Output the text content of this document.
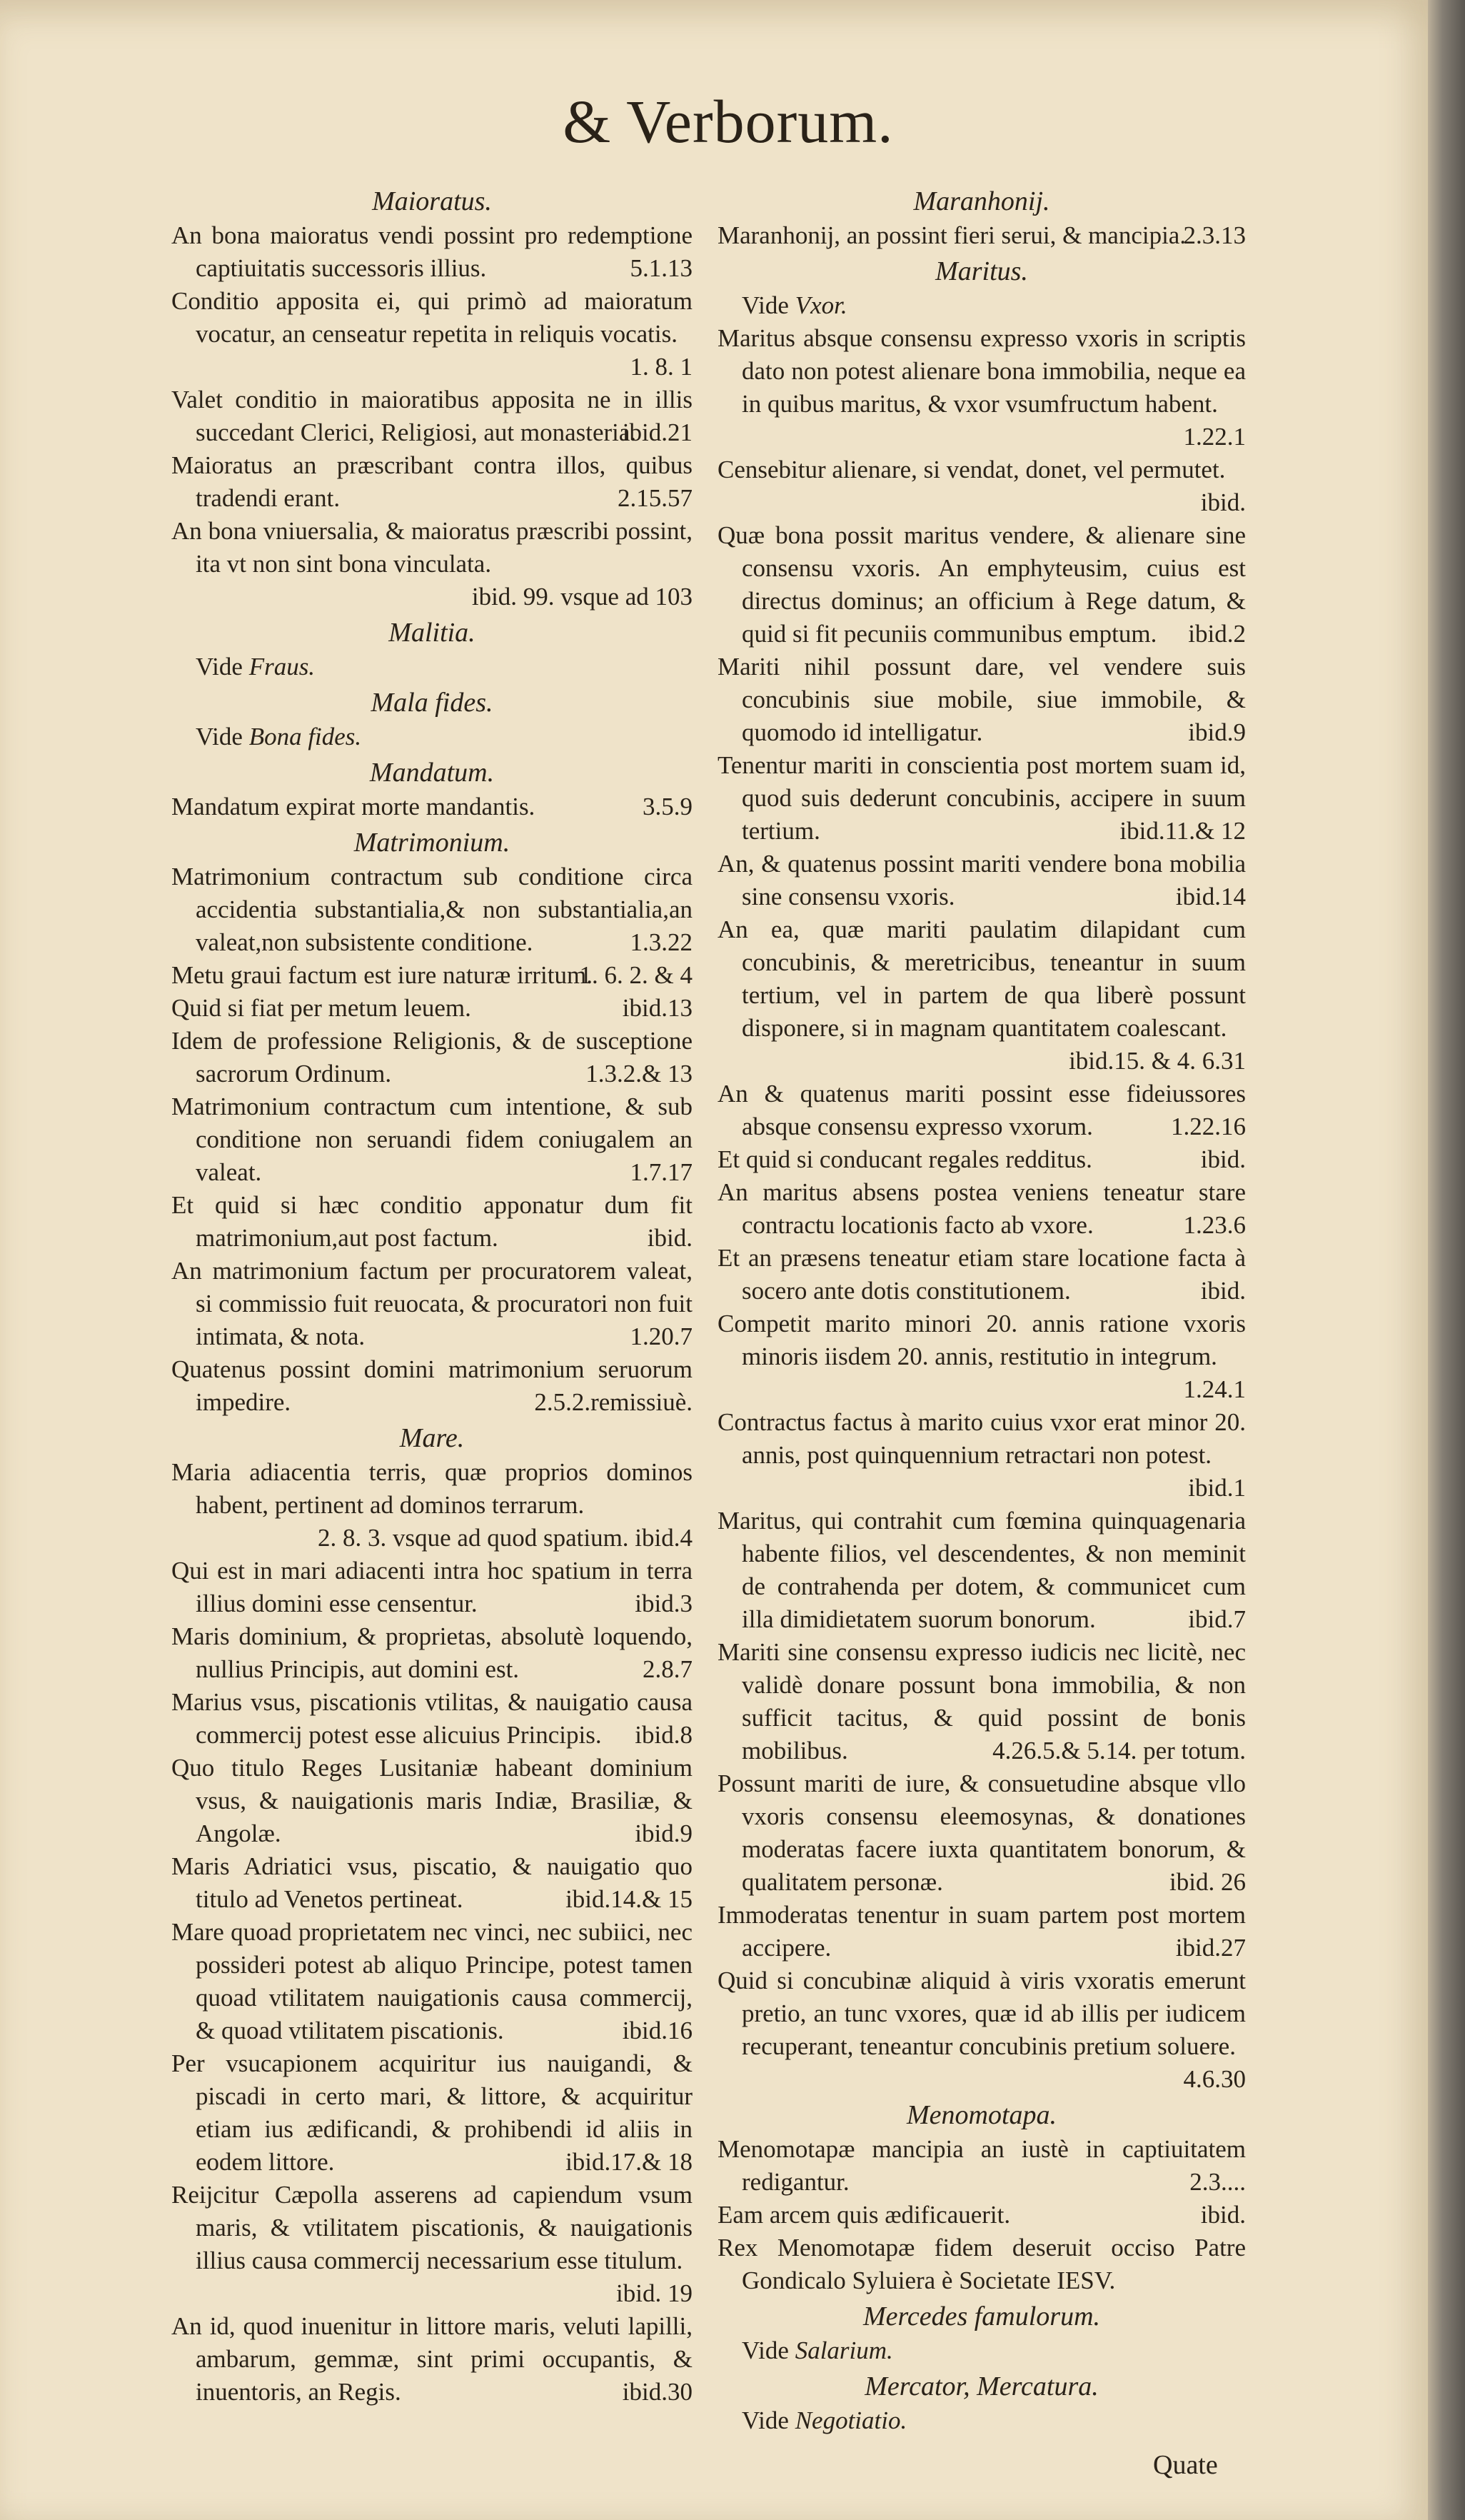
& Verborum.
Maioratus.
An bona maioratus vendi possint pro redemptione captiuitatis successoris illius.	5.1.13
Conditio apposita ei, qui primò ad maioratum vocatur, an censeatur repetita in reliquis vocatis.
1. 8. 1
Valet conditio in maioratibus apposita ne in illis succedant Clerici, Religiosi, aut monasteria.
ibid.21
Maioratus an præscribant contra illos, quibus tradendi erant.	2.15.57
An bona vniuersalia, & maioratus præscribi possint, ita vt non sint bona vinculata.
ibid. 99. vsque ad 103
Malitia.
Vide Fraus.
Mala fides.
Vide Bona fides.
Mandatum.
Mandatum expirat morte mandantis.	3.5.9
Matrimonium.
Matrimonium contractum sub conditione circa accidentia substantialia,& non substantialia,an valeat,non subsistente conditione.	1.3.22
Metu graui factum est iure naturæ irritum.
1. 6. 2. & 4
Quid si fiat per metum leuem.	ibid.13
Idem de professione Religionis, & de susceptione sacrorum Ordinum.	1.3.2.& 13
Matrimonium contractum cum intentione, & sub conditione non seruandi fidem coniugalem an valeat.	1.7.17
Et quid si hæc conditio apponatur dum fit matrimonium,aut post factum.	ibid.
An matrimonium factum per procuratorem valeat, si commissio fuit reuocata, & procuratori non fuit intimata, & nota.	1.20.7
Quatenus possint domini matrimonium seruorum impedire.	2.5.2.remissiuè.
Mare.
Maria adiacentia terris, quæ proprios dominos habent, pertinent ad dominos terrarum.
2. 8. 3. vsque ad quod spatium. ibid.4
Qui est in mari adiacenti intra hoc spatium in terra illius domini esse censentur.	ibid.3
Maris dominium, & proprietas, absolutè loquendo, nullius Principis, aut domini est.	2.8.7
Marius vsus, piscationis vtilitas, & nauigatio causa commercij potest esse alicuius Principis. ibid.8
Quo titulo Reges Lusitaniæ habeant dominium vsus, & nauigationis maris Indiæ, Brasiliæ, & Angolæ.	ibid.9
Maris Adriatici vsus, piscatio, & nauigatio quo titulo ad Venetos pertineat.	ibid.14.& 15
Mare quoad proprietatem nec vinci, nec subiici, nec possideri potest ab aliquo Principe, potest tamen quoad vtilitatem nauigationis causa commercij, & quoad vtilitatem piscationis.	ibid.16
Per vsucapionem acquiritur ius nauigandi, & piscadi in certo mari, & littore, & acquiritur etiam ius ædificandi, & prohibendi id aliis in eodem littore.	ibid.17.& 18
Reijcitur Cæpolla asserens ad capiendum vsum maris, & vtilitatem piscationis, & nauigationis illius causa commercij necessarium esse titulum.
ibid. 19
An id, quod inuenitur in littore maris, veluti lapilli, ambarum, gemmæ, sint primi occupantis, & inuentoris, an Regis.	ibid.30
Maranhonij.
Maranhonij, an possint fieri serui, & mancipia.
2.3.13
Maritus.
Vide Vxor.
Maritus absque consensu expresso vxoris in scriptis dato non potest alienare bona immobilia, neque ea in quibus maritus, & vxor vsumfructum habent.
1.22.1
Censebitur alienare, si vendat, donet, vel permutet.
ibid.
Quæ bona possit maritus vendere, & alienare sine consensu vxoris. An emphyteusim, cuius est directus dominus; an officium à Rege datum, & quid si fit pecuniis communibus emptum. ibid.2
Mariti nihil possunt dare, vel vendere suis concubinis siue mobile, siue immobile, & quomodo id intelligatur.	ibid.9
Tenentur mariti in conscientia post mortem suam id, quod suis dederunt concubinis, accipere in suum tertium.	ibid.11.& 12
An, & quatenus possint mariti vendere bona mobilia sine consensu vxoris.	ibid.14
An ea, quæ mariti paulatim dilapidant cum concubinis, & meretricibus, teneantur in suum tertium, vel in partem de qua liberè possunt disponere, si in magnam quantitatem coalescant.
ibid.15. & 4. 6.31
An & quatenus mariti possint esse fideiussores absque consensu expresso vxorum.	1.22.16
Et quid si conducant regales redditus.	ibid.
An maritus absens postea veniens teneatur stare contractu locationis facto ab vxore.	1.23.6
Et an præsens teneatur etiam stare locatione facta à socero ante dotis constitutionem.	ibid.
Competit marito minori 20. annis ratione vxoris minoris iisdem 20. annis, restitutio in integrum.
1.24.1
Contractus factus à marito cuius vxor erat minor 20. annis, post quinquennium retractari non potest.
ibid.1
Maritus, qui contrahit cum fœmina quinquagenaria habente filios, vel descendentes, & non meminit de contrahenda per dotem, & communicet cum illa dimidietatem suorum bonorum.	ibid.7
Mariti sine consensu expresso iudicis nec licitè, nec validè donare possunt bona immobilia, & non sufficit tacitus, & quid possint de bonis mobilibus.	4.26.5.& 5.14. per totum.
Possunt mariti de iure, & consuetudine absque vllo vxoris consensu eleemosynas, & donationes moderatas facere iuxta quantitatem bonorum, & qualitatem personæ.	ibid. 26
Immoderatas tenentur in suam partem post mortem accipere.	ibid.27
Quid si concubinæ aliquid à viris vxoratis emerunt pretio, an tunc vxores, quæ id ab illis per iudicem recuperant, teneantur concubinis pretium soluere.
4.6.30
Menomotapa.
Menomotapæ mancipia an iustè in captiuitatem redigantur.	2.3....
Eam arcem quis ædificauerit.	ibid.
Rex Menomotapæ fidem deseruit occiso Patre Gondicalo Syluiera è Societate IESV.
Mercedes famulorum.
Vide Salarium.
Mercator, Mercatura.
Vide Negotiatio.
Quate
